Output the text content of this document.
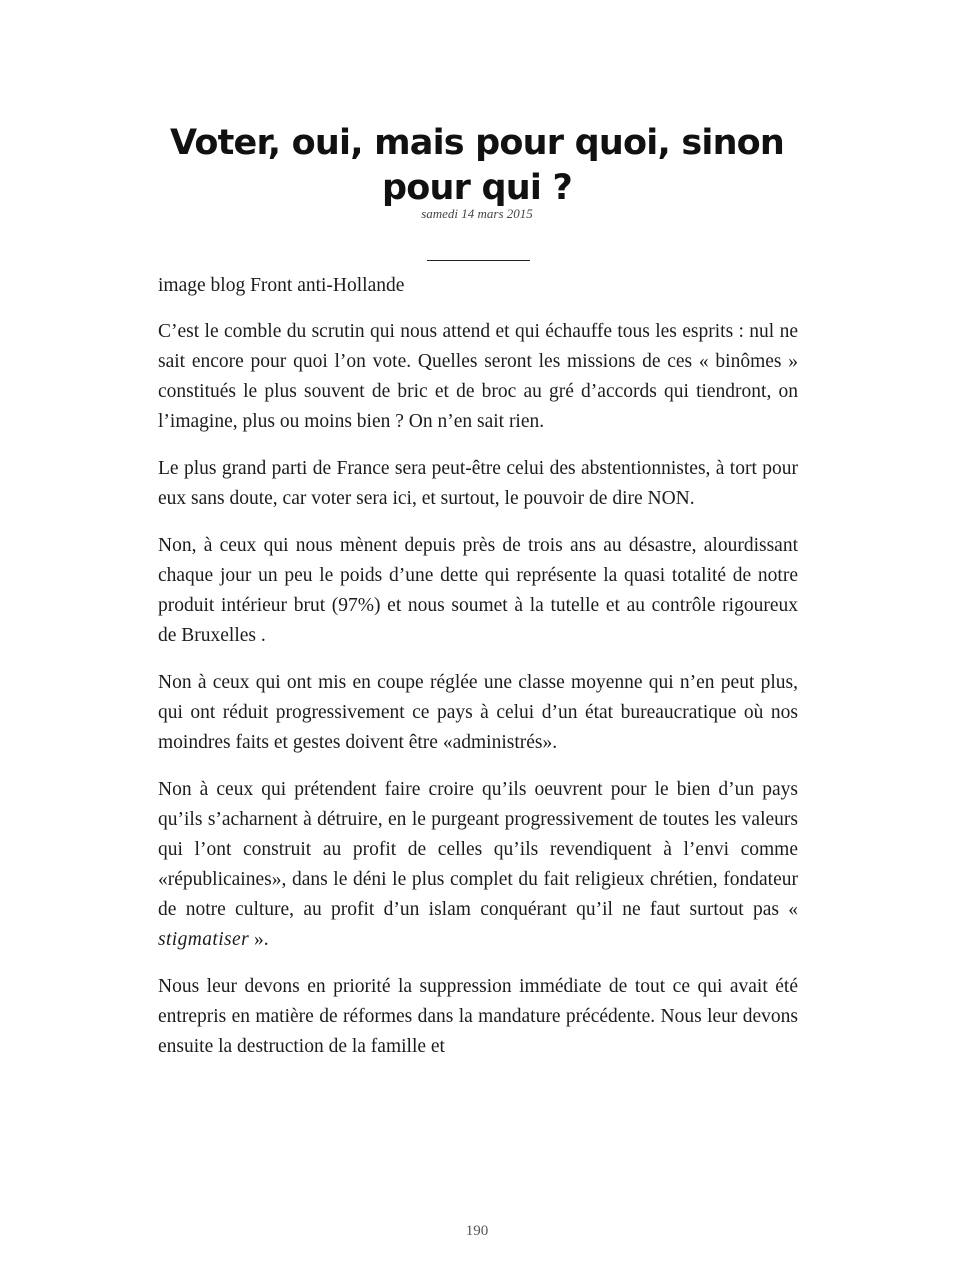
Voter, oui, mais pour quoi, sinon pour qui ?
samedi 14 mars 2015

image blog Front anti-Hollande

C’est le comble du scrutin qui nous attend et qui échauffe tous les esprits : nul ne sait encore pour quoi l’on vote. Quelles seront les missions de ces « binômes » constitués le plus souvent de bric et de broc au gré d’accords qui tiendront, on l’imagine, plus ou moins bien ? On n’en sait rien.

Le plus grand parti de France sera peut-être celui des abstentionnistes, à tort pour eux sans doute, car voter sera ici, et surtout, le pouvoir de dire NON.

Non, à ceux qui nous mènent depuis près de trois ans au désastre, alourdissant chaque jour un peu le poids d’une dette qui représente la quasi totalité de notre produit intérieur brut (97%) et nous soumet à la tutelle et au contrôle rigoureux de Bruxelles .

Non à ceux qui ont mis en coupe réglée une classe moyenne qui n’en peut plus, qui ont réduit progressivement ce pays à celui d’un état bureaucratique où nos moindres faits et gestes doivent être «administrés».

Non à ceux qui prétendent faire croire qu’ils oeuvrent pour le bien d’un pays qu’ils s’acharnent à détruire, en le purgeant progressivement de toutes les valeurs qui l’ont construit au profit de celles qu’ils revendiquent à l’envi comme «républicaines», dans le déni le plus complet du fait religieux chrétien, fondateur de notre culture, au profit d’un islam conquérant qu’il ne faut surtout pas « stigmatiser ».

Nous leur devons en priorité la suppression immédiate de tout ce qui avait été entrepris en matière de réformes dans la mandature précédente. Nous leur devons ensuite la destruction de la famille et

190
